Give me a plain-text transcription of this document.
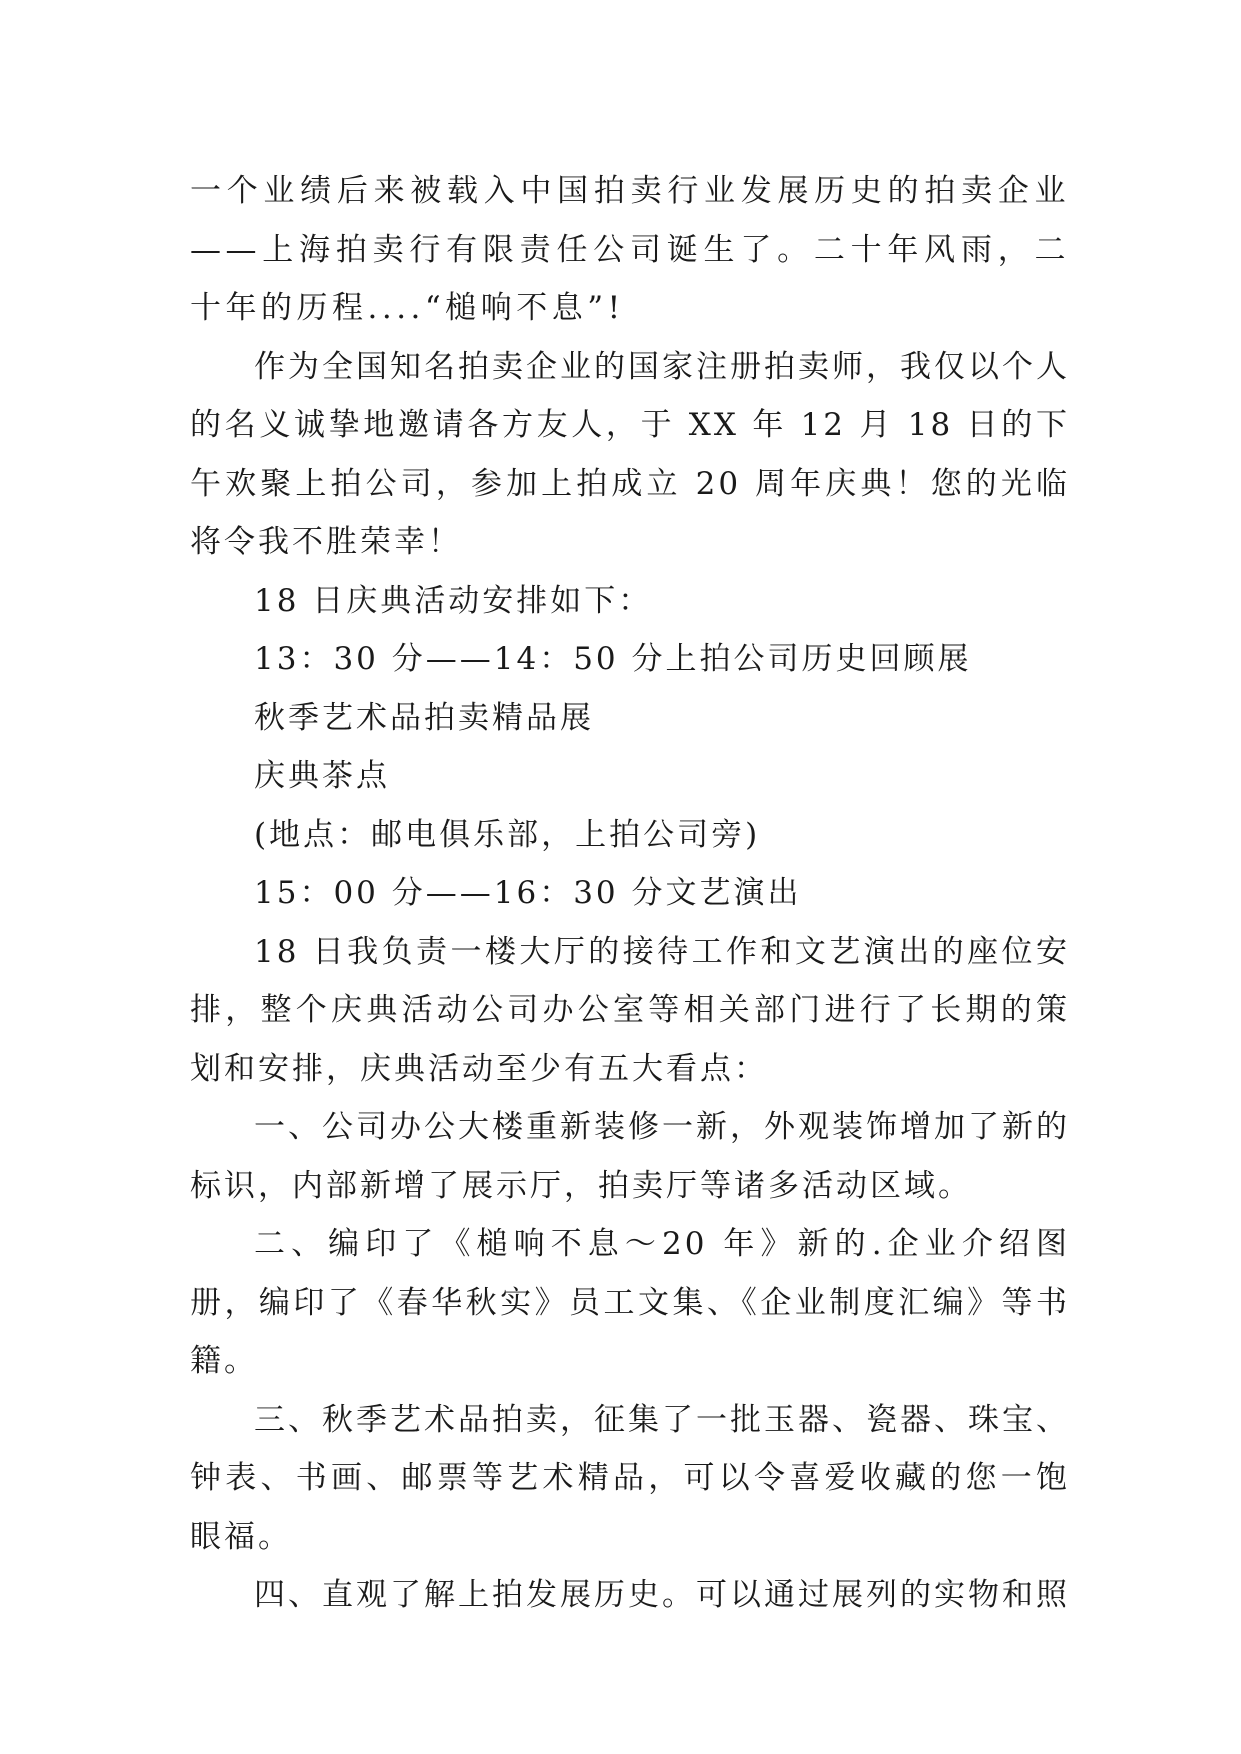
一个业绩后来被载入中国拍卖行业发展历史的拍卖企业——上海拍卖行有限责任公司诞生了。二十年风雨，二十年的历程....“槌响不息”!

作为全国知名拍卖企业的国家注册拍卖师，我仅以个人的名义诚挚地邀请各方友人，于 XX 年 12 月 18 日的下午欢聚上拍公司，参加上拍成立 20 周年庆典！您的光临将令我不胜荣幸！

18 日庆典活动安排如下：

13：30 分——14：50 分上拍公司历史回顾展

秋季艺术品拍卖精品展

庆典茶点

(地点：邮电俱乐部，上拍公司旁)

15：00 分——16：30 分文艺演出

18 日我负责一楼大厅的接待工作和文艺演出的座位安排，整个庆典活动公司办公室等相关部门进行了长期的策划和安排，庆典活动至少有五大看点：

一、公司办公大楼重新装修一新，外观装饰增加了新的标识，内部新增了展示厅，拍卖厅等诸多活动区域。

二、编印了《槌响不息～20 年》新的.企业介绍图册，编印了《春华秋实》员工文集、《企业制度汇编》等书籍。

三、秋季艺术品拍卖，征集了一批玉器、瓷器、珠宝、钟表、书画、邮票等艺术精品，可以令喜爱收藏的您一饱眼福。

四、直观了解上拍发展历史。可以通过展列的实物和照
